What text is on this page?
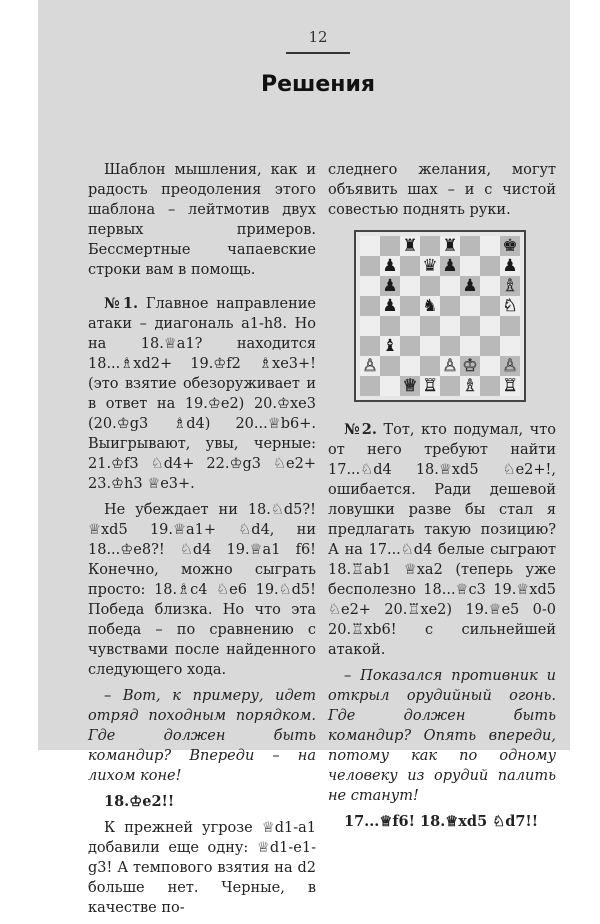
12
Решения

Шаблон мышления, как и радость преодоления этого шаблона – лейтмотив двух первых примеров. Бессмертные чапаевские строки вам в помощь.

№1. Главное направление атаки – диагональ a1-h8. Но на 18.♕a1? находится 18...♗xd2+ 19.♔f2 ♗xe3+! (это взятие обезоруживает и в ответ на 19.♔e2) 20.♔xe3 (20.♔g3 ♗d4) 20...♕b6+. Выигрывают, увы, черные: 21.♔f3 ♘d4+ 22.♔g3 ♘e2+ 23.♔h3 ♕e3+.

Не убеждает ни 18.♘d5?! ♕xd5 19.♕a1+ ♘d4, ни 18...♔e8?! ♘d4 19.♕a1 f6! Конечно, можно сыграть просто: 18.♗c4 ♘e6 19.♘d5! Победа близка. Но что эта победа – по сравнению с чувствами после найденного следующего хода.

– Вот, к примеру, идет отряд походным порядком. Где должен быть командир? Впереди – на лихом коне!

18.♔e2!!

К прежней угрозе ♕d1-a1 добавили еще одну: ♕d1-e1-g3! А темпового взятия на d2 больше нет. Черные, в качестве по-

следнего желания, могут объявить шах – и с чистой совестью поднять руки.

♜ ♜	♚
♟ ♛ ♟	♟
♟	♟ ♗
♟ ♞	♘
♝
♙	♙ ♔ ♙
♕ ♖ ♗ ♖

№2. Тот, кто подумал, что от него требуют найти 17...♘d4 18.♕xd5 ♘e2+!, ошибается. Ради дешевой ловушки разве бы стал я предлагать такую позицию? А на 17...♘d4 белые сыграют 18.♖ab1 ♕xa2 (теперь уже бесполезно 18...♕c3 19.♕xd5 ♘e2+ 20.♖xe2) 19.♕e5 0-0 20.♖xb6! с сильнейшей атакой.

– Показался противник и открыл орудийный огонь. Где должен быть командир? Опять впереди, потому как по одному человеку из орудий палить не станут!

17...♕f6! 18.♕xd5 ♘d7!!
